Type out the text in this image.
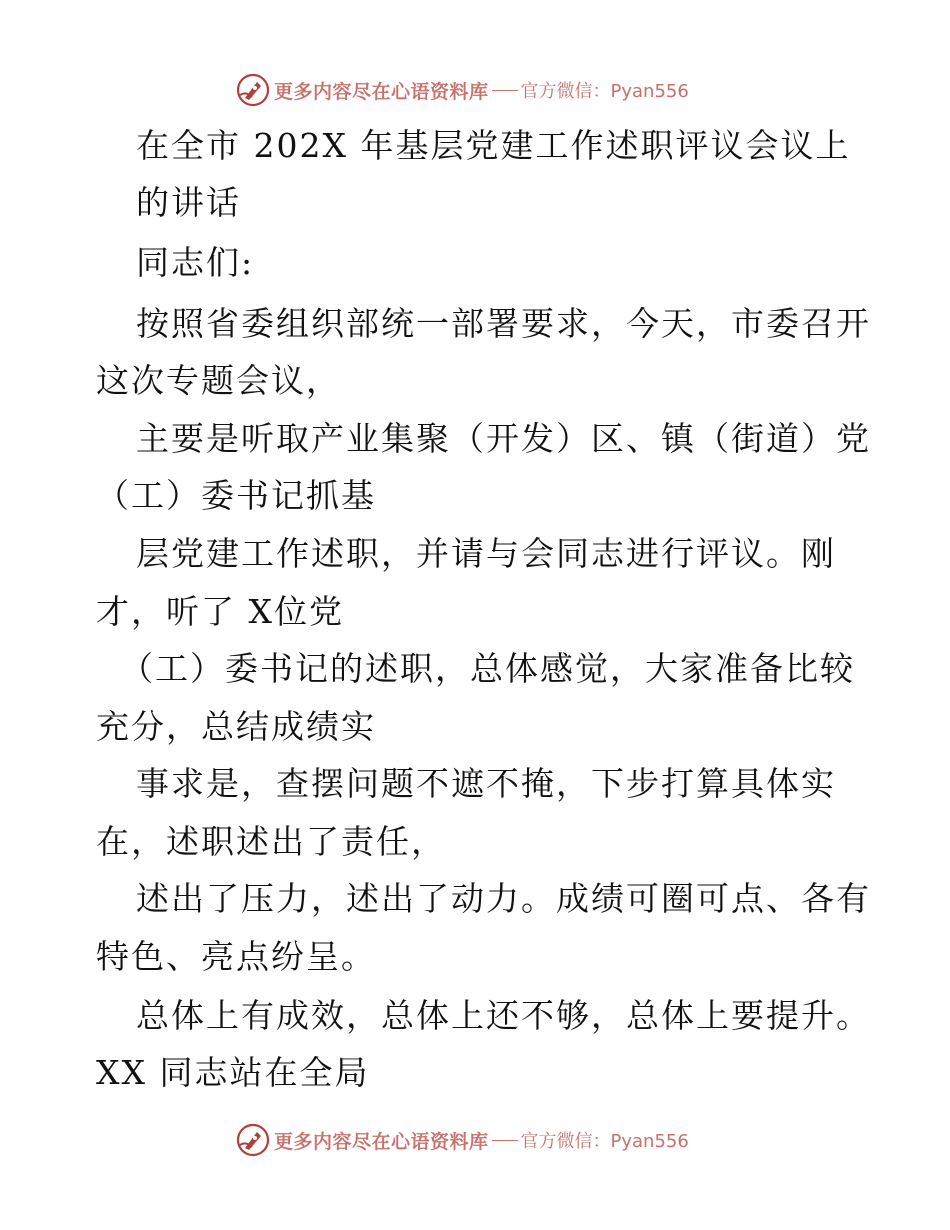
更多内容尽在心语资料库 官方微信：Pyan556
在全市 202X 年基层党建工作述职评议会议上
的讲话
同志们:
按照省委组织部统一部署要求，今天，市委召开
这次专题会议，
主要是听取产业集聚（开发）区、镇（街道）党
（工）委书记抓基
层党建工作述职，并请与会同志进行评议。刚
才，听了 X位党
（工）委书记的述职，总体感觉，大家准备比较
充分，总结成绩实
事求是，查摆问题不遮不掩，下步打算具体实
在，述职述出了责任，
述出了压力，述出了动力。成绩可圈可点、各有
特色、亮点纷呈。
总体上有成效，总体上还不够，总体上要提升。
XX 同志站在全局
更多内容尽在心语资料库 官方微信：Pyan556
